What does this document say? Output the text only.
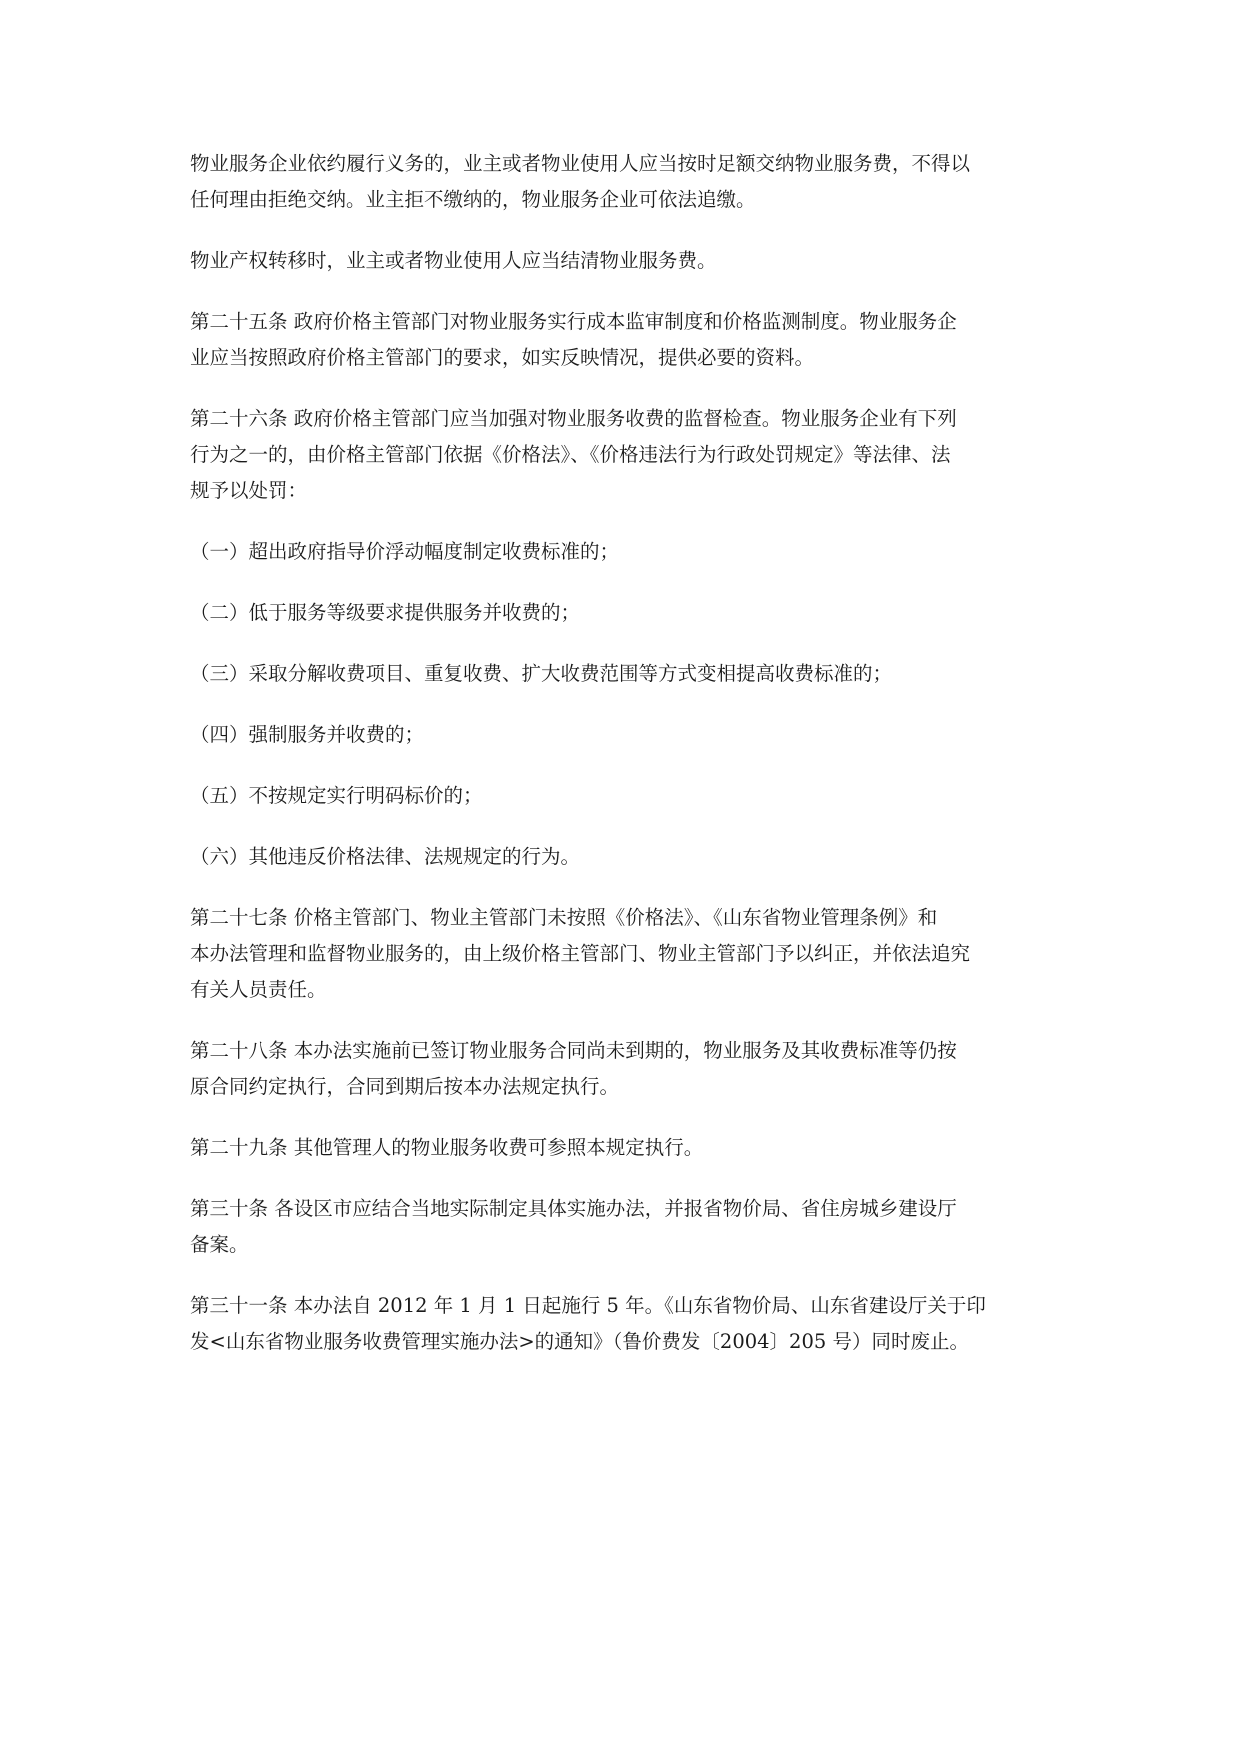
物业服务企业依约履行义务的，业主或者物业使用人应当按时足额交纳物业服务费，不得以
任何理由拒绝交纳。业主拒不缴纳的，物业服务企业可依法追缴。
物业产权转移时，业主或者物业使用人应当结清物业服务费。
第二十五条 政府价格主管部门对物业服务实行成本监审制度和价格监测制度。物业服务企
业应当按照政府价格主管部门的要求，如实反映情况，提供必要的资料。
第二十六条 政府价格主管部门应当加强对物业服务收费的监督检查。物业服务企业有下列
行为之一的，由价格主管部门依据《价格法》、《价格违法行为行政处罚规定》等法律、法
规予以处罚：
（一）超出政府指导价浮动幅度制定收费标准的；
（二）低于服务等级要求提供服务并收费的；
（三）采取分解收费项目、重复收费、扩大收费范围等方式变相提高收费标准的；
（四）强制服务并收费的；
（五）不按规定实行明码标价的；
（六）其他违反价格法律、法规规定的行为。
第二十七条 价格主管部门、物业主管部门未按照《价格法》、《山东省物业管理条例》和
本办法管理和监督物业服务的，由上级价格主管部门、物业主管部门予以纠正，并依法追究
有关人员责任。
第二十八条 本办法实施前已签订物业服务合同尚未到期的，物业服务及其收费标准等仍按
原合同约定执行，合同到期后按本办法规定执行。
第二十九条 其他管理人的物业服务收费可参照本规定执行。
第三十条 各设区市应结合当地实际制定具体实施办法，并报省物价局、省住房城乡建设厅
备案。
第三十一条 本办法自 2012 年 1 月 1 日起施行 5 年。《山东省物价局、山东省建设厅关于印
发<山东省物业服务收费管理实施办法>的通知》（鲁价费发〔2004〕205 号）同时废止。
